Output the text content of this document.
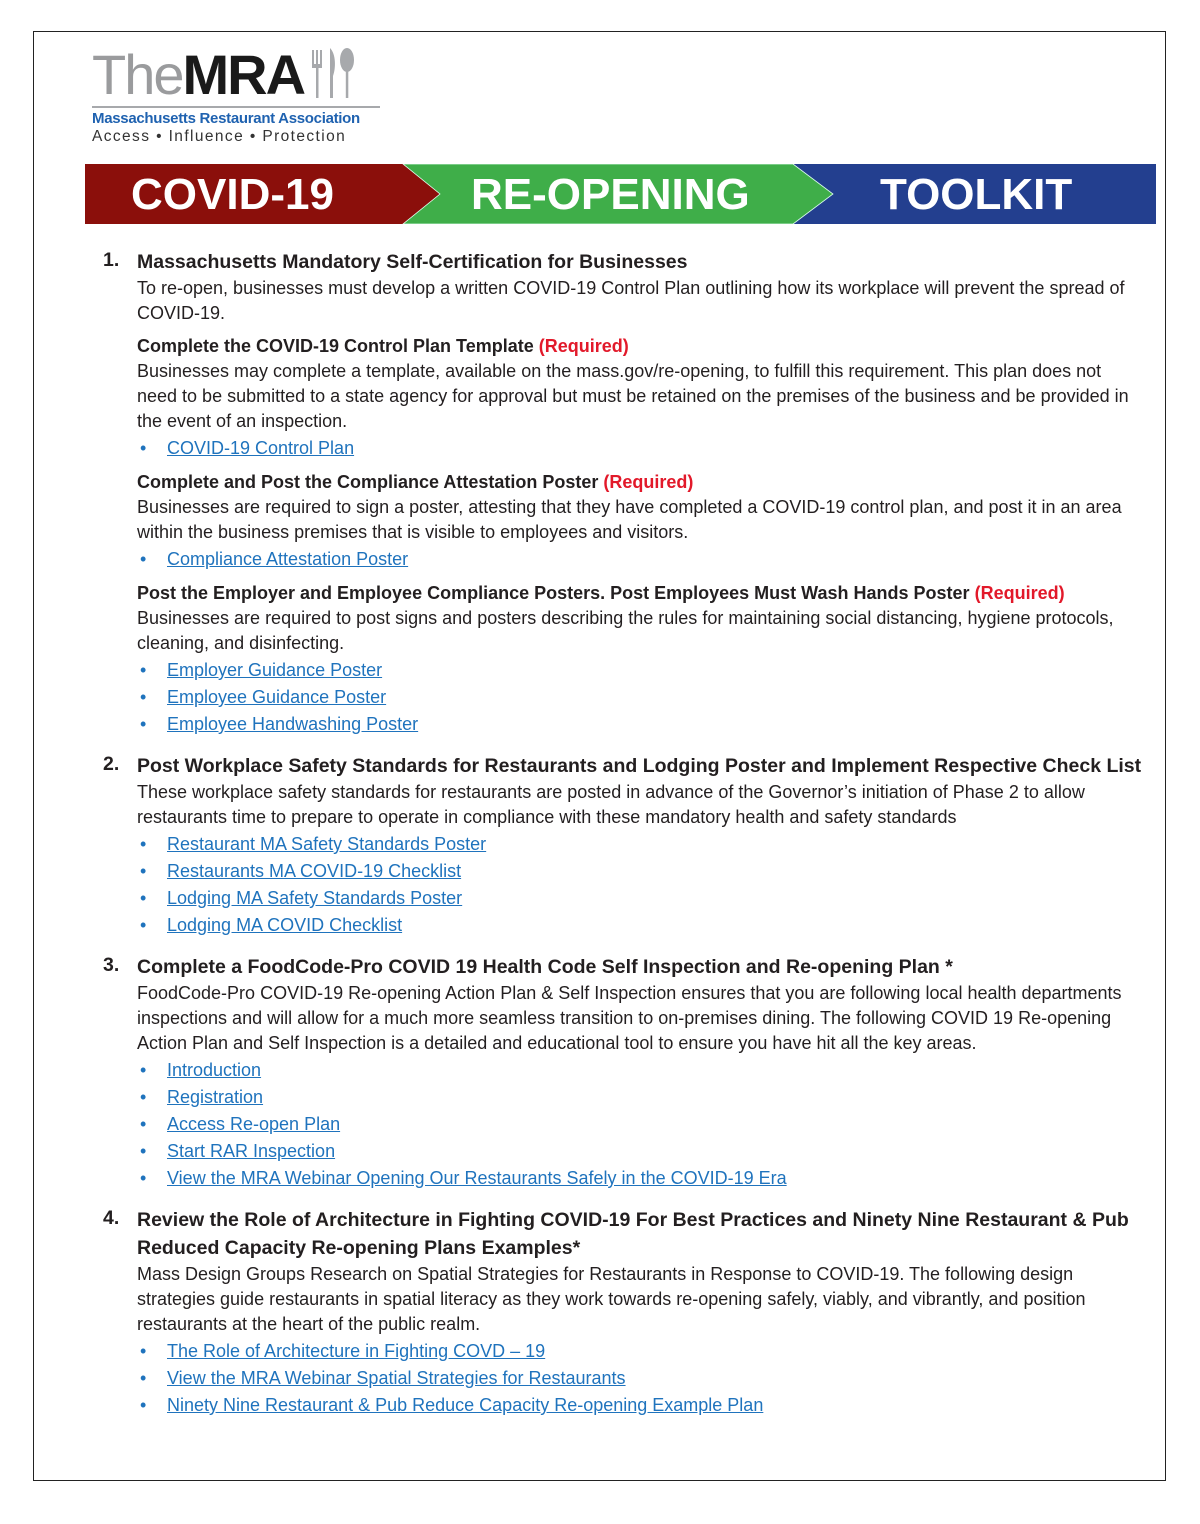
TheMRA
Massachusetts Restaurant Association
Access • Influence • Protection
COVID-19	RE-OPENING	TOOLKIT
1. Massachusetts Mandatory Self-Certification for Businesses

To re-open, businesses must develop a written COVID-19 Control Plan outlining how its workplace will prevent the spread of COVID-19.

Complete the COVID-19 Control Plan Template (Required)

Businesses may complete a template, available on the mass.gov/re-opening, to fulfill this requirement. This plan does not need to be submitted to a state agency for approval but must be retained on the premises of the business and be provided in the event of an inspection.

• COVID-19 Control Plan
Complete and Post the Compliance Attestation Poster (Required)

Businesses are required to sign a poster, attesting that they have completed a COVID-19 control plan, and post it in an area within the business premises that is visible to employees and visitors.

• Compliance Attestation Poster
Post the Employer and Employee Compliance Posters. Post Employees Must Wash Hands Poster (Required)

Businesses are required to post signs and posters describing the rules for maintaining social distancing, hygiene protocols, cleaning, and disinfecting.

• Employer Guidance Poster
• Employee Guidance Poster
• Employee Handwashing Poster
2. Post Workplace Safety Standards for Restaurants and Lodging Poster and Implement Respective Check List

These workplace safety standards for restaurants are posted in advance of the Governor’s initiation of Phase 2 to allow restaurants time to prepare to operate in compliance with these mandatory health and safety standards

• Restaurant MA Safety Standards Poster
• Restaurants MA COVID-19 Checklist
• Lodging MA Safety Standards Poster
• Lodging MA COVID Checklist
3. Complete a FoodCode-Pro COVID 19 Health Code Self Inspection and Re-opening Plan *

FoodCode-Pro COVID-19 Re-opening Action Plan & Self Inspection ensures that you are following local health departments inspections and will allow for a much more seamless transition to on-premises dining. The following COVID 19 Re-opening Action Plan and Self Inspection is a detailed and educational tool to ensure you have hit all the key areas.

• Introduction
• Registration
• Access Re-open Plan
• Start RAR Inspection
• View the MRA Webinar Opening Our Restaurants Safely in the COVID-19 Era
4. Review the Role of Architecture in Fighting COVID-19 For Best Practices and Ninety Nine Restaurant & Pub Reduced Capacity Re-opening Plans Examples*

Mass Design Groups Research on Spatial Strategies for Restaurants in Response to COVID-19. The following design strategies guide restaurants in spatial literacy as they work towards re-opening safely, viably, and vibrantly, and position restaurants at the heart of the public realm.

• The Role of Architecture in Fighting COVD – 19
• View the MRA Webinar Spatial Strategies for Restaurants
• Ninety Nine Restaurant & Pub Reduce Capacity Re-opening Example Plan
